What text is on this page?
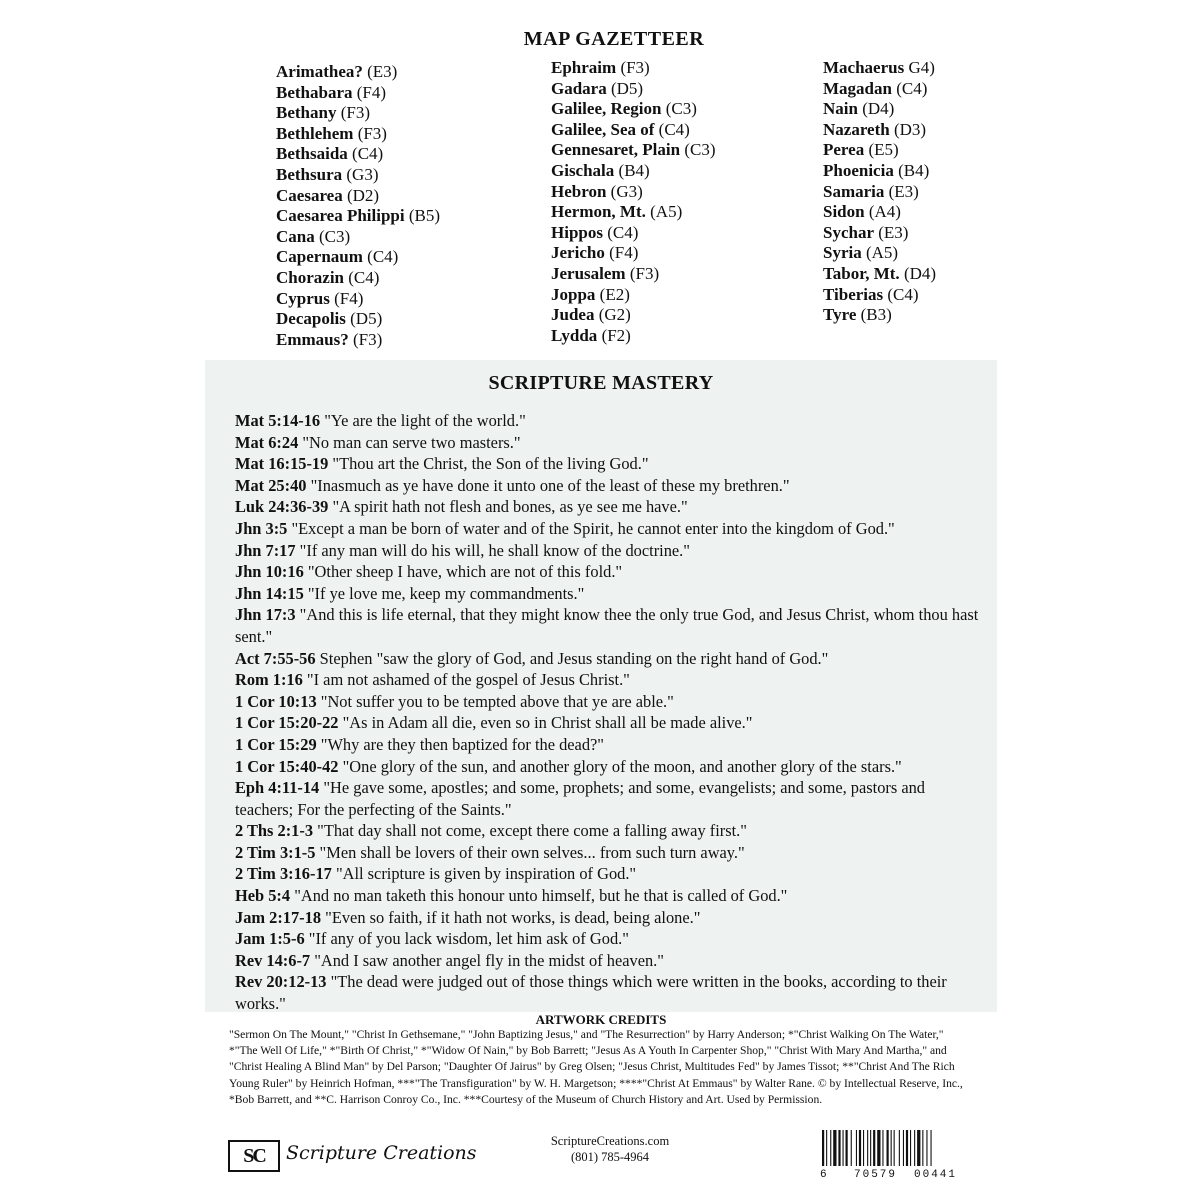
MAP GAZETTEER
Arimathea? (E3)
Bethabara (F4)
Bethany (F3)
Bethlehem (F3)
Bethsaida (C4)
Bethsura (G3)
Caesarea (D2)
Caesarea Philippi (B5)
Cana (C3)
Capernaum (C4)
Chorazin (C4)
Cyprus (F4)
Decapolis (D5)
Emmaus? (F3)
Ephraim (F3)
Gadara (D5)
Galilee, Region (C3)
Galilee, Sea of (C4)
Gennesaret, Plain (C3)
Gischala (B4)
Hebron (G3)
Hermon, Mt. (A5)
Hippos (C4)
Jericho (F4)
Jerusalem (F3)
Joppa (E2)
Judea (G2)
Lydda (F2)
Machaerus G4)
Magadan (C4)
Nain (D4)
Nazareth (D3)
Perea (E5)
Phoenicia (B4)
Samaria (E3)
Sidon (A4)
Sychar (E3)
Syria (A5)
Tabor, Mt. (D4)
Tiberias (C4)
Tyre (B3)
SCRIPTURE MASTERY
Mat 5:14-16 "Ye are the light of the world."
Mat 6:24 "No man can serve two masters."
Mat 16:15-19 "Thou art the Christ, the Son of the living God."
Mat 25:40 "Inasmuch as ye have done it unto one of the least of these my brethren."
Luk 24:36-39 "A spirit hath not flesh and bones, as ye see me have."
Jhn 3:5 "Except a man be born of water and of the Spirit, he cannot enter into the kingdom of God."
Jhn 7:17 "If any man will do his will, he shall know of the doctrine."
Jhn 10:16 "Other sheep I have, which are not of this fold."
Jhn 14:15 "If ye love me, keep my commandments."
Jhn 17:3 "And this is life eternal, that they might know thee the only true God, and Jesus Christ, whom thou hast sent."
Act 7:55-56 Stephen "saw the glory of God, and Jesus standing on the right hand of God."
Rom 1:16 "I am not ashamed of the gospel of Jesus Christ."
1 Cor 10:13 "Not suffer you to be tempted above that ye are able."
1 Cor 15:20-22 "As in Adam all die, even so in Christ shall all be made alive."
1 Cor 15:29 "Why are they then baptized for the dead?"
1 Cor 15:40-42 "One glory of the sun, and another glory of the moon, and another glory of the stars."
Eph 4:11-14 "He gave some, apostles; and some, prophets; and some, evangelists; and some, pastors and teachers; For the perfecting of the Saints."
2 Ths 2:1-3 "That day shall not come, except there come a falling away first."
2 Tim 3:1-5 "Men shall be lovers of their own selves... from such turn away."
2 Tim 3:16-17 "All scripture is given by inspiration of God."
Heb 5:4 "And no man taketh this honour unto himself, but he that is called of God."
Jam 2:17-18 "Even so faith, if it hath not works, is dead, being alone."
Jam 1:5-6 "If any of you lack wisdom, let him ask of God."
Rev 14:6-7 "And I saw another angel fly in the midst of heaven."
Rev 20:12-13 "The dead were judged out of those things which were written in the books, according to their works."
ARTWORK CREDITS
"Sermon On The Mount," "Christ In Gethsemane," "John Baptizing Jesus," and "The Resurrection" by Harry Anderson; *"Christ Walking On The Water," *"The Well Of Life," *"Birth Of Christ," *"Widow Of Nain," by Bob Barrett; "Jesus As A Youth In Carpenter Shop," "Christ With Mary And Martha," and "Christ Healing A Blind Man" by Del Parson; "Daughter Of Jairus" by Greg Olsen; "Jesus Christ, Multitudes Fed" by James Tissot; **"Christ And The Rich Young Ruler" by Heinrich Hofman, ***"The Transfiguration" by W. H. Margetson; ****"Christ At Emmaus" by Walter Rane. © by Intellectual Reserve, Inc., *Bob Barrett, and **C. Harrison Conroy Co., Inc. ***Courtesy of the Museum of Church History and Art. Used by Permission.
SC	Scripture Creations
ScriptureCreations.com
(801) 785-4964
6 70579 00441
